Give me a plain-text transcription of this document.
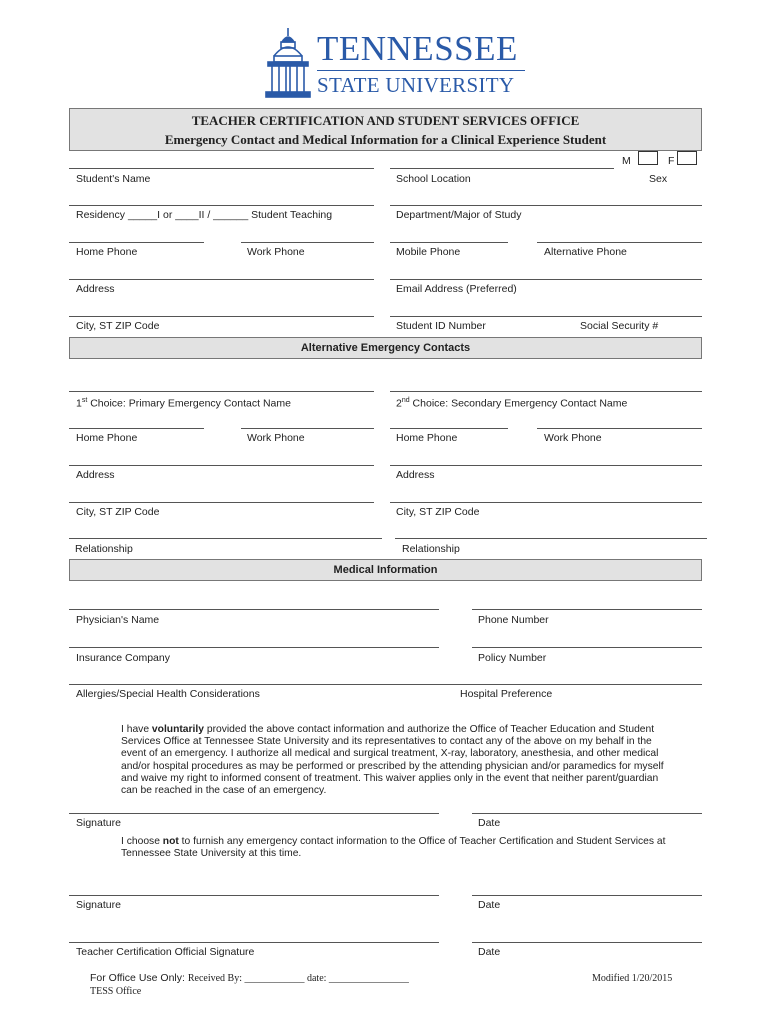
TENNESSEE
STATE UNIVERSITY
TEACHER CERTIFICATION AND STUDENT SERVICES OFFICE
Emergency Contact and Medical Information for a Clinical Experience Student
M	F
Student's Name	School Location	Sex
Residency _____I or ____II / ______ Student Teaching	Department/Major of Study
Home Phone	Work Phone	Mobile Phone	Alternative Phone
Address	Email Address (Preferred)
City, ST ZIP Code	Student ID Number	Social Security #
Alternative Emergency Contacts
1st Choice: Primary Emergency Contact Name	2nd Choice: Secondary Emergency Contact Name
Home Phone	Work Phone	Home Phone	Work Phone
Address	Address
City, ST ZIP Code	City, ST ZIP Code
Relationship	Relationship
Medical Information
Physician's Name	Phone Number
Insurance Company	Policy Number
Allergies/Special Health Considerations	Hospital Preference
I have voluntarily provided the above contact information and authorize the Office of Teacher Education and Student Services Office at Tennessee State University and its representatives to contact any of the above on my behalf in the event of an emergency. I authorize all medical and surgical treatment, X-ray, laboratory, anesthesia, and other medical and/or hospital procedures as may be performed or prescribed by the attending physician and/or paramedics for myself and waive my right to informed consent of treatment. This waiver applies only in the event that neither parent/guardian can be reached in the case of an emergency.
Signature	Date
I choose not to furnish any emergency contact information to the Office of Teacher Certification and Student Services at Tennessee State University at this time.
Signature	Date
Teacher Certification Official Signature	Date
For Office Use Only: Received By: ____________ date: ________________
TESS Office
Modified 1/20/2015
